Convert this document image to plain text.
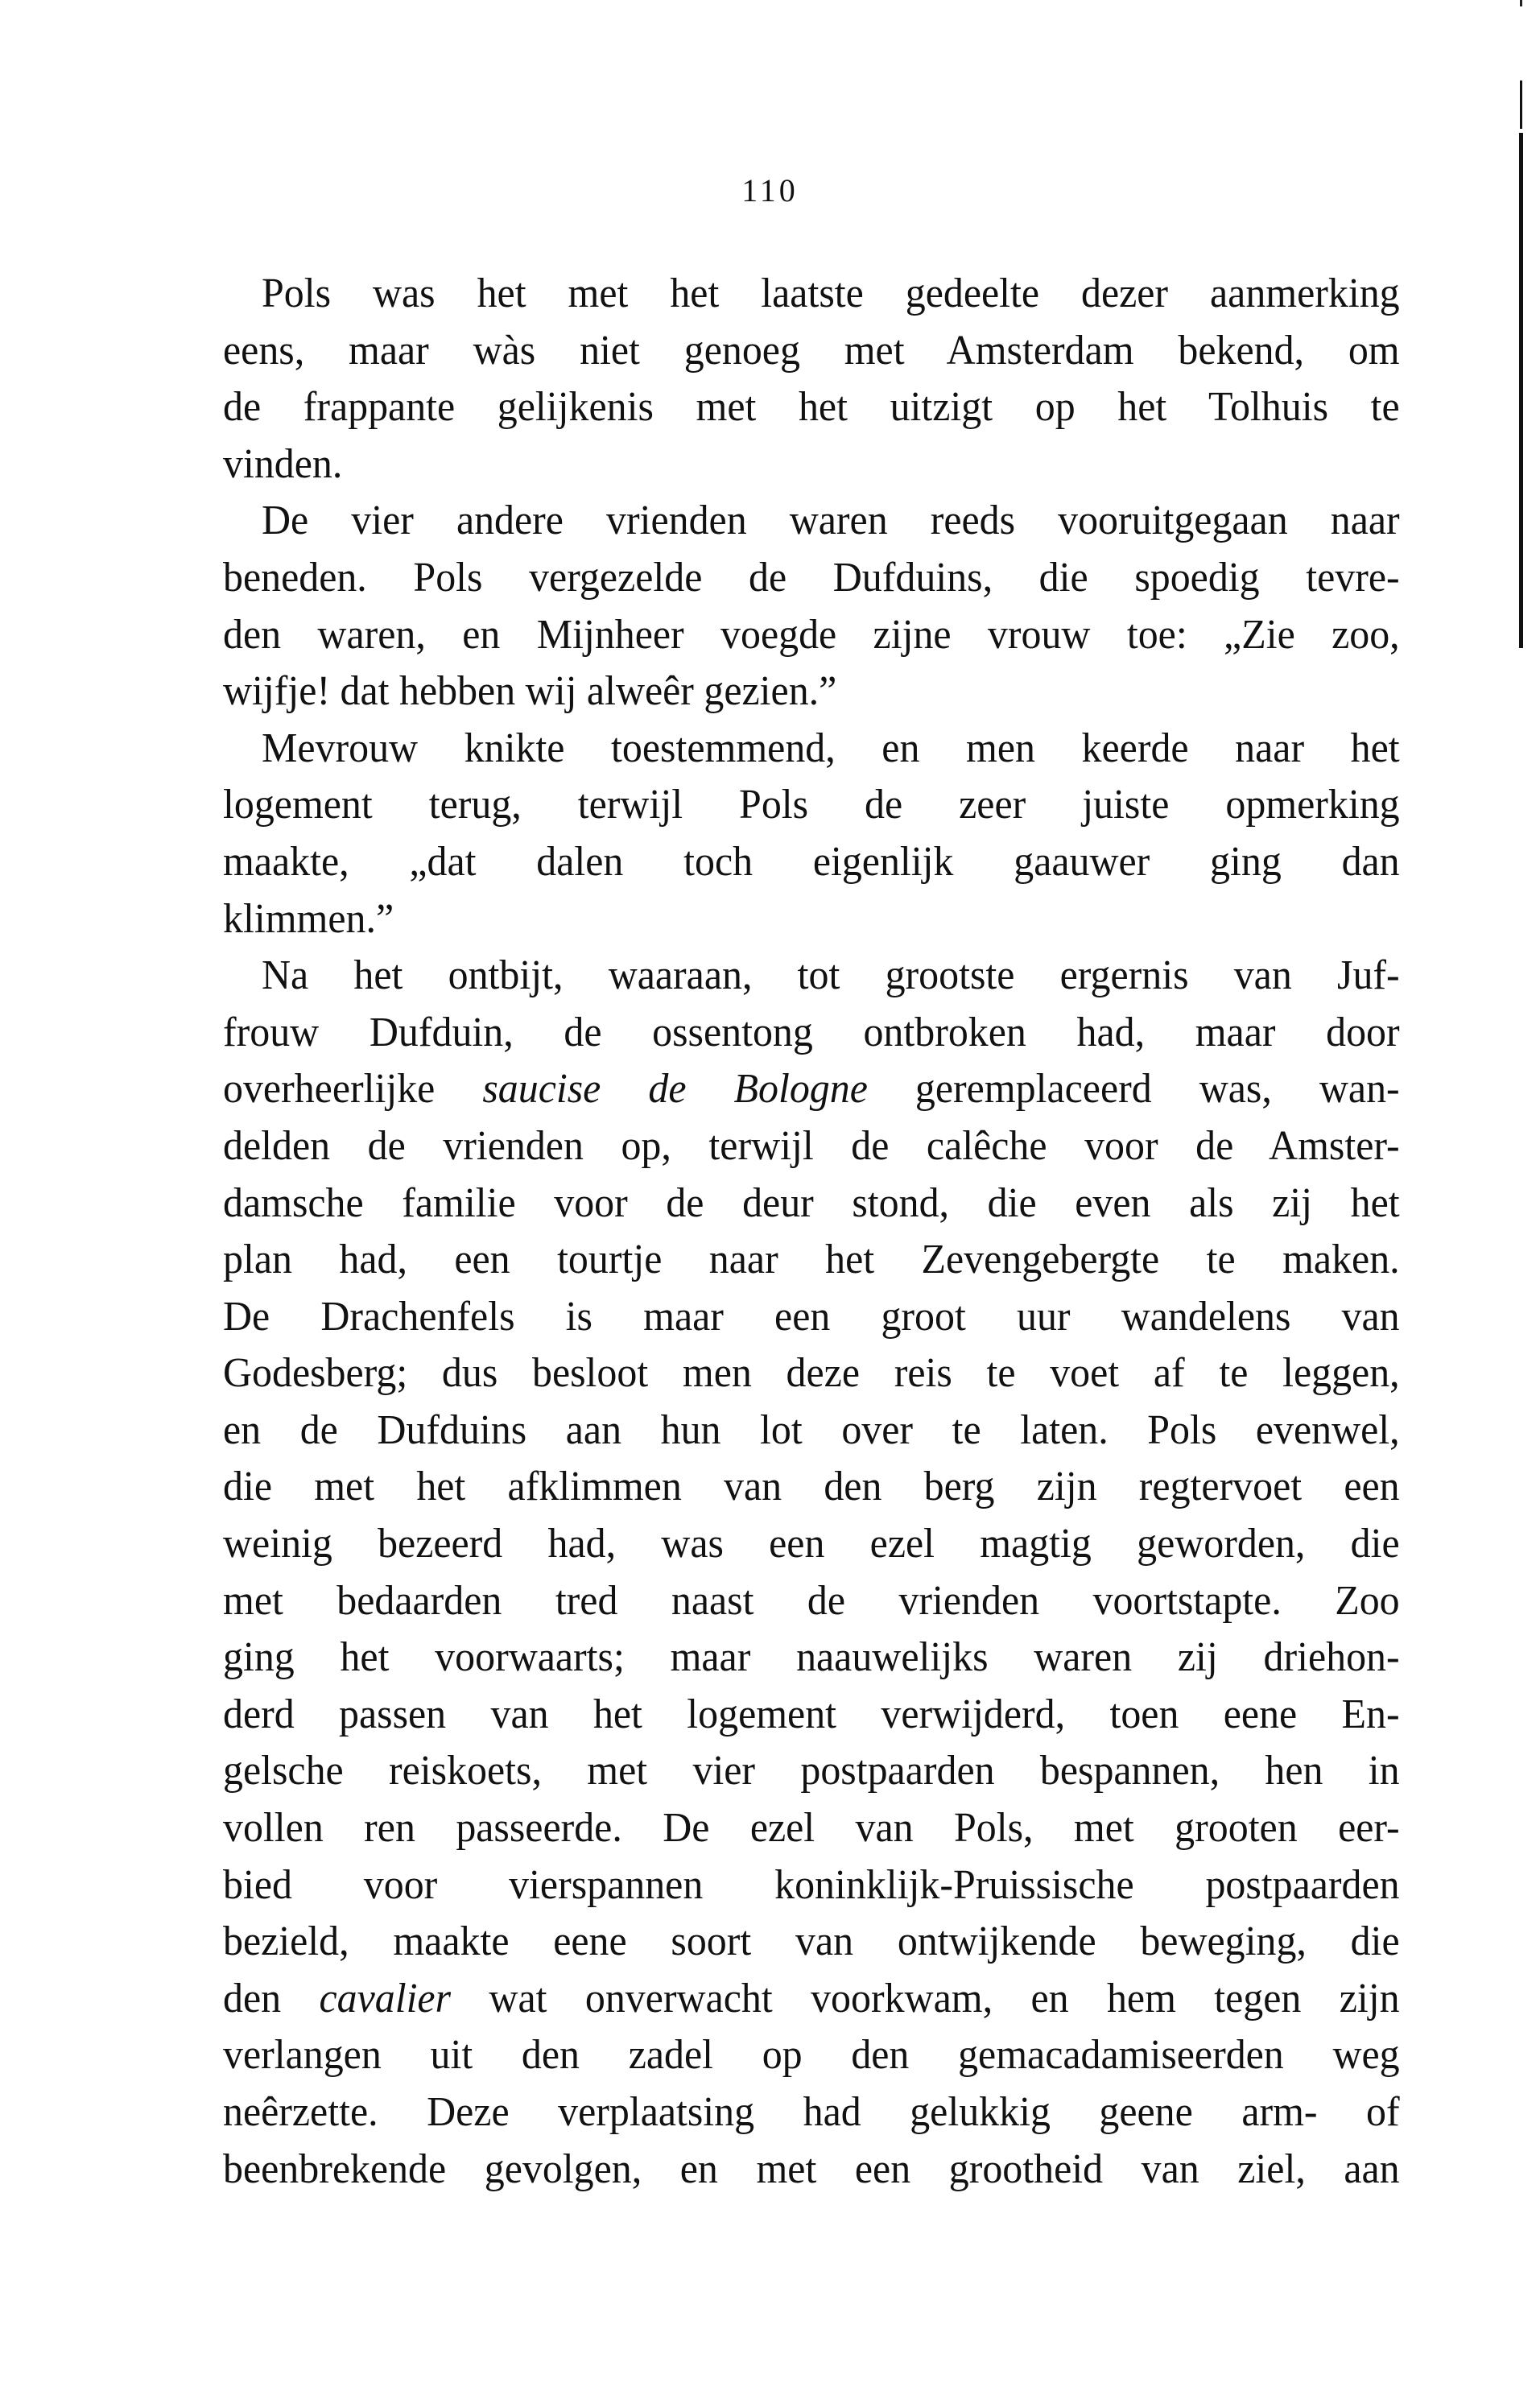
110
Pols was het met het laatste gedeelte dezer aanmerking
eens, maar wàs niet genoeg met Amsterdam bekend, om
de frappante gelijkenis met het uitzigt op het Tolhuis te
vinden.
De vier andere vrienden waren reeds vooruitgegaan naar
beneden. Pols vergezelde de Dufduins, die spoedig tevre-
den waren, en Mijnheer voegde zijne vrouw toe: „Zie zoo,
wijfje! dat hebben wij alweêr gezien.”
Mevrouw knikte toestemmend, en men keerde naar het
logement terug, terwijl Pols de zeer juiste opmerking
maakte, „dat dalen toch eigenlijk gaauwer ging dan
klimmen.”
Na het ontbijt, waaraan, tot grootste ergernis van Juf-
frouw Dufduin, de ossentong ontbroken had, maar door
overheerlijke saucise de Bologne geremplaceerd was, wan-
delden de vrienden op, terwijl de calêche voor de Amster-
damsche familie voor de deur stond, die even als zij het
plan had, een tourtje naar het Zevengebergte te maken.
De Drachenfels is maar een groot uur wandelens van
Godesberg; dus besloot men deze reis te voet af te leggen,
en de Dufduins aan hun lot over te laten. Pols evenwel,
die met het afklimmen van den berg zijn regtervoet een
weinig bezeerd had, was een ezel magtig geworden, die
met bedaarden tred naast de vrienden voortstapte. Zoo
ging het voorwaarts; maar naauwelijks waren zij driehon-
derd passen van het logement verwijderd, toen eene En-
gelsche reiskoets, met vier postpaarden bespannen, hen in
vollen ren passeerde. De ezel van Pols, met grooten eer-
bied voor vierspannen koninklijk-Pruissische postpaarden
bezield, maakte eene soort van ontwijkende beweging, die
den cavalier wat onverwacht voorkwam, en hem tegen zijn
verlangen uit den zadel op den gemacadamiseerden weg
neêrzette. Deze verplaatsing had gelukkig geene arm- of
beenbrekende gevolgen, en met een grootheid van ziel, aan
